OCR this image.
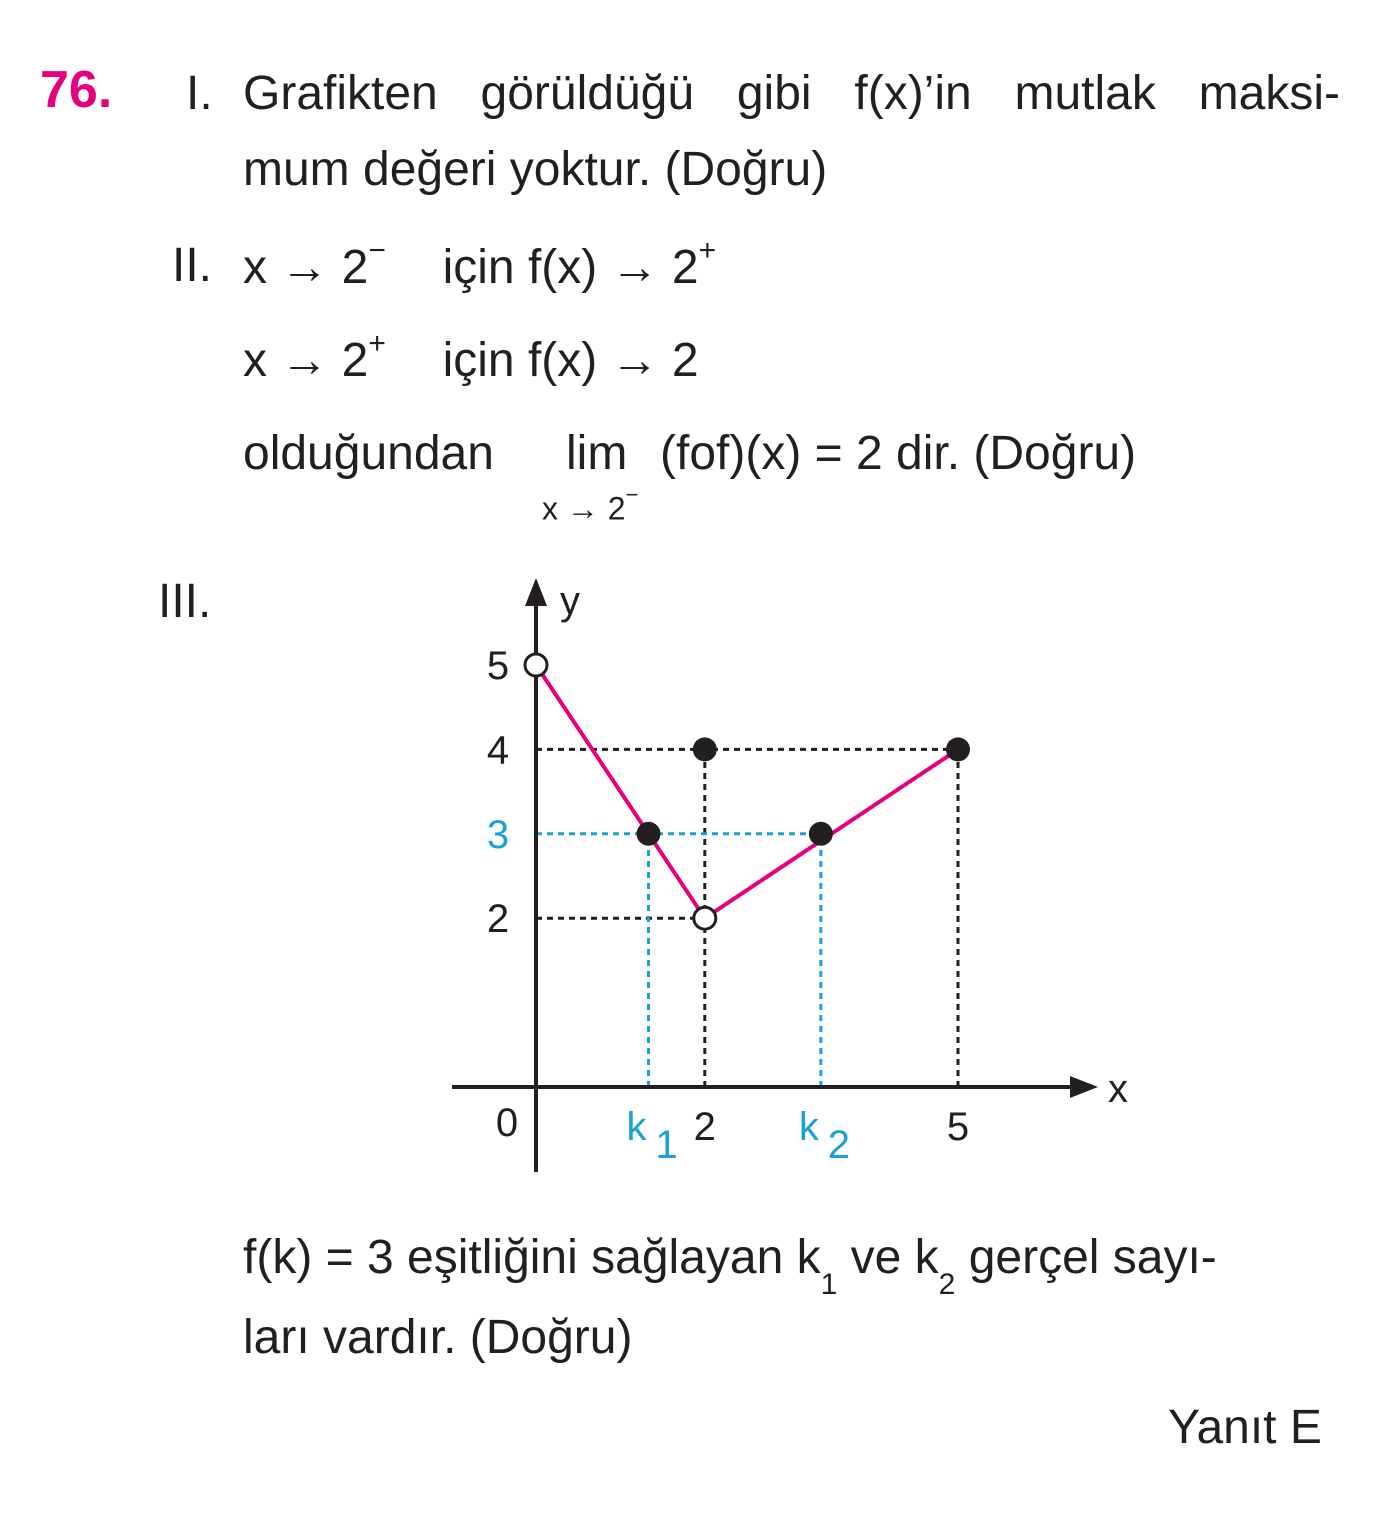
76. I. Grafikten görüldüğü gibi f(x)’in mutlak maksi-
mum değeri yoktur. (Doğru)
II. x → 2− için f(x) → 2+
x → 2+ için f(x) → 2
olduğundan lim
x → 2−
(fof)(x) = 2 dir. (Doğru)
III.
f(k) = 3 eşitliğini sağlayan $k_1$ ve $k_2$ gerçel sayı-
ları vardır. (Doğru)
Yanıt E
x
y
0
5
4
3
2
2	5
k 1	k 2
